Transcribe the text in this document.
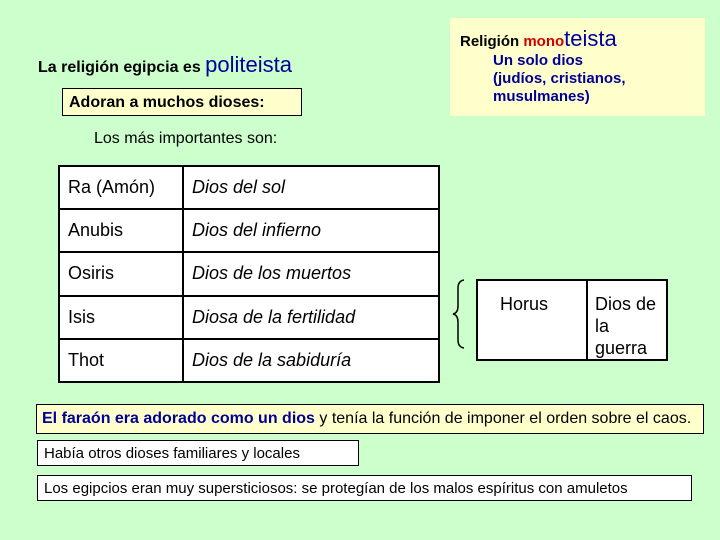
La religión egipcia es politeista
Adoran a muchos dioses:
Religión monoteista
Un solo dios
(judíos, cristianos,
musulmanes)
Los más importantes son:
Ra (Amón)	Dios del sol
Anubis	Dios del infierno
Osiris	Dios de los muertos
Isis	Diosa de la fertilidad
Thot	Dios de la sabiduría
Horus	Dios de
la guerra
El faraón era adorado como un dios y tenía la función de imponer el orden sobre el caos.
Había otros dioses familiares y locales
Los egipcios eran muy supersticiosos: se protegían de los malos espíritus con amuletos
